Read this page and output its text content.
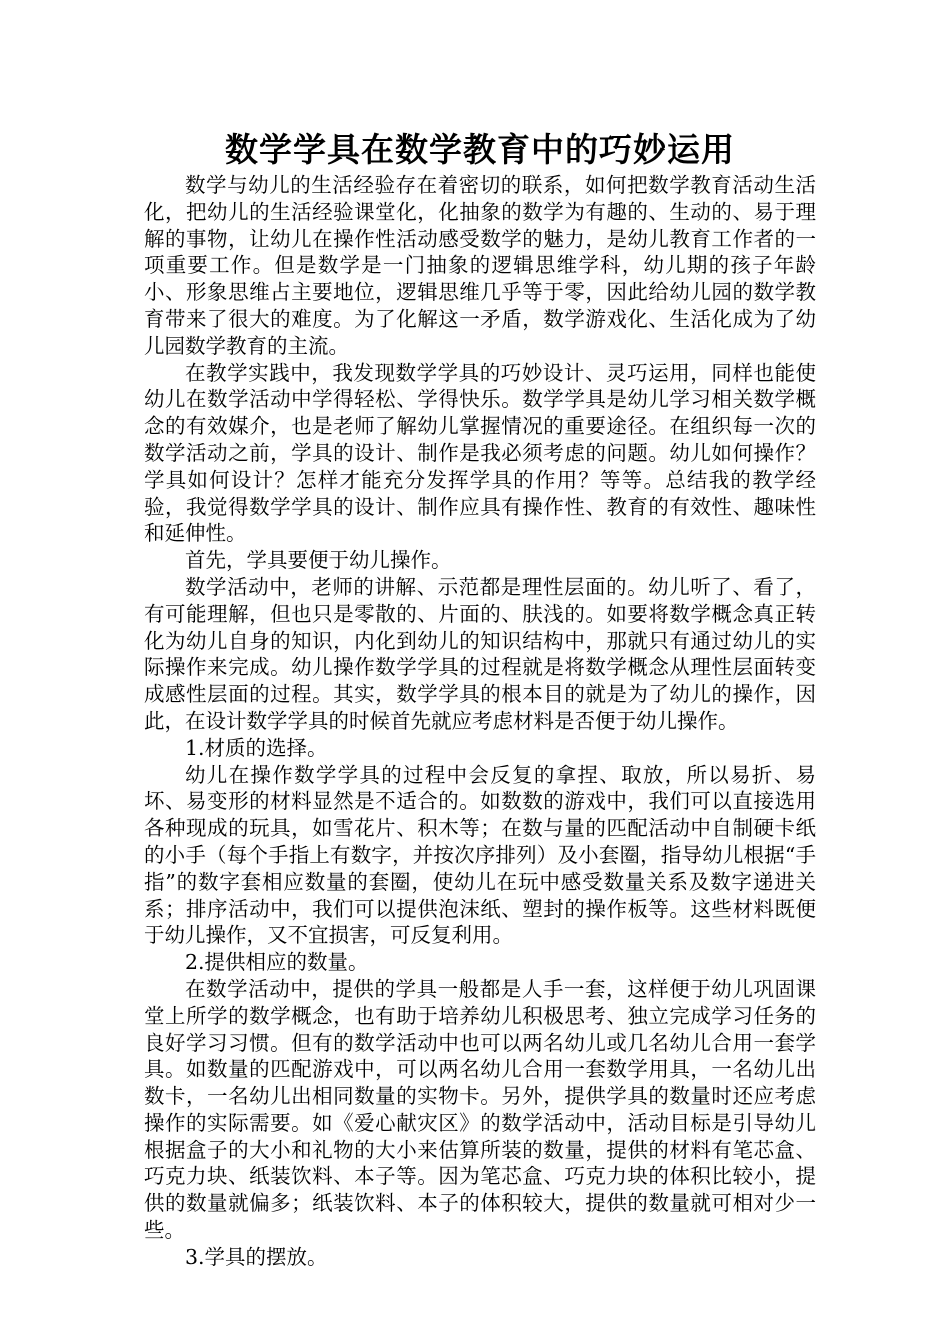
数学学具在数学教育中的巧妙运用

数学与幼儿的生活经验存在着密切的联系，如何把数学教育活动生活化，把幼儿的生活经验课堂化，化抽象的数学为有趣的、生动的、易于理解的事物，让幼儿在操作性活动感受数学的魅力，是幼儿教育工作者的一项重要工作。但是数学是一门抽象的逻辑思维学科，幼儿期的孩子年龄小、形象思维占主要地位，逻辑思维几乎等于零，因此给幼儿园的数学教育带来了很大的难度。为了化解这一矛盾，数学游戏化、生活化成为了幼儿园数学教育的主流。

在教学实践中，我发现数学学具的巧妙设计、灵巧运用，同样也能使幼儿在数学活动中学得轻松、学得快乐。数学学具是幼儿学习相关数学概念的有效媒介，也是老师了解幼儿掌握情况的重要途径。在组织每一次的数学活动之前，学具的设计、制作是我必须考虑的问题。幼儿如何操作？学具如何设计？怎样才能充分发挥学具的作用？等等。总结我的教学经验，我觉得数学学具的设计、制作应具有操作性、教育的有效性、趣味性和延伸性。

首先，学具要便于幼儿操作。

数学活动中，老师的讲解、示范都是理性层面的。幼儿听了、看了，有可能理解，但也只是零散的、片面的、肤浅的。如要将数学概念真正转化为幼儿自身的知识，内化到幼儿的知识结构中，那就只有通过幼儿的实际操作来完成。幼儿操作数学学具的过程就是将数学概念从理性层面转变成感性层面的过程。其实，数学学具的根本目的就是为了幼儿的操作，因此，在设计数学学具的时候首先就应考虑材料是否便于幼儿操作。

1.材质的选择。

幼儿在操作数学学具的过程中会反复的拿捏、取放，所以易折、易坏、易变形的材料显然是不适合的。如数数的游戏中，我们可以直接选用各种现成的玩具，如雪花片、积木等；在数与量的匹配活动中自制硬卡纸的小手（每个手指上有数字，并按次序排列）及小套圈，指导幼儿根据“手指”的数字套相应数量的套圈，使幼儿在玩中感受数量关系及数字递进关系；排序活动中，我们可以提供泡沫纸、塑封的操作板等。这些材料既便于幼儿操作，又不宜损害，可反复利用。

2.提供相应的数量。

在数学活动中，提供的学具一般都是人手一套，这样便于幼儿巩固课堂上所学的数学概念，也有助于培养幼儿积极思考、独立完成学习任务的良好学习习惯。但有的数学活动中也可以两名幼儿或几名幼儿合用一套学具。如数量的匹配游戏中，可以两名幼儿合用一套数学用具，一名幼儿出数卡，一名幼儿出相同数量的实物卡。另外，提供学具的数量时还应考虑操作的实际需要。如《爱心献灾区》的数学活动中，活动目标是引导幼儿根据盒子的大小和礼物的大小来估算所装的数量，提供的材料有笔芯盒、巧克力块、纸装饮料、本子等。因为笔芯盒、巧克力块的体积比较小，提供的数量就偏多；纸装饮料、本子的体积较大，提供的数量就可相对少一些。

3.学具的摆放。
